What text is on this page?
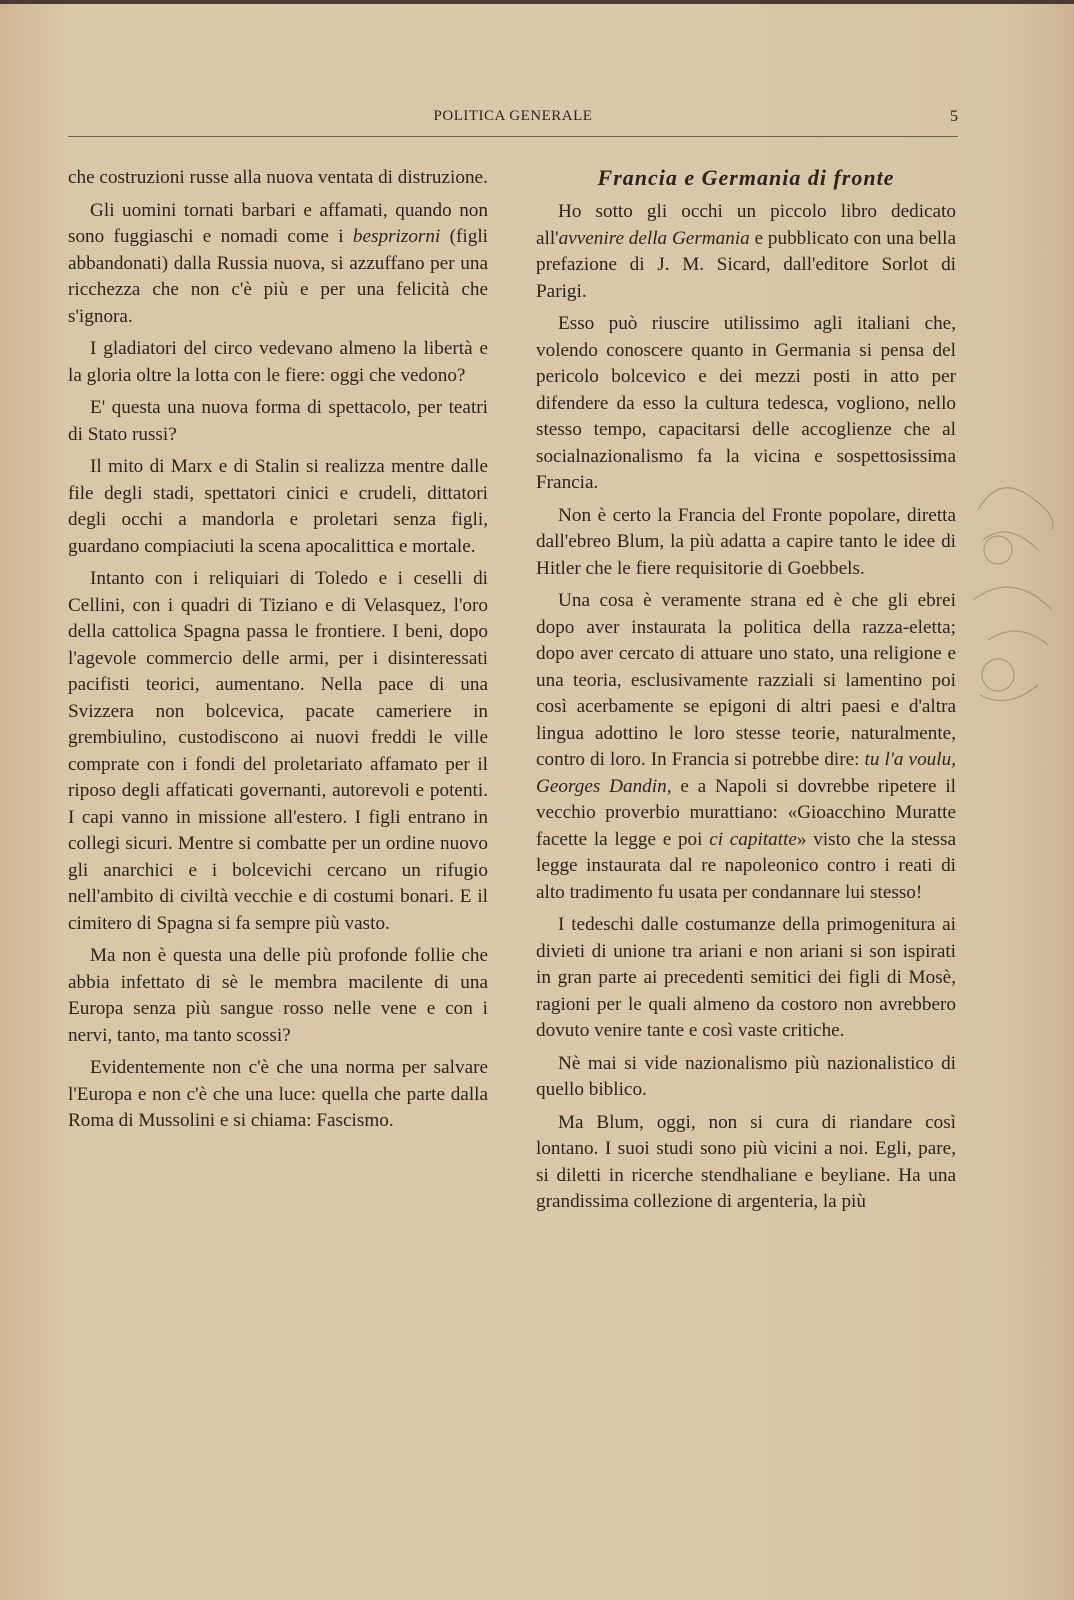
POLITICA GENERALE	5

che costruzioni russe alla nuova ventata di distruzione.

Gli uomini tornati barbari e affamati, quando non sono fuggiaschi e nomadi come i besprizorni (figli abbandonati) dalla Russia nuova, si azzuffano per una ricchezza che non c'è più e per una felicità che s'ignora.

I gladiatori del circo vedevano almeno la libertà e la gloria oltre la lotta con le fiere: oggi che vedono?

E' questa una nuova forma di spettacolo, per teatri di Stato russi?

Il mito di Marx e di Stalin si realizza mentre dalle file degli stadi, spettatori cinici e crudeli, dittatori degli occhi a mandorla e proletari senza figli, guardano compiaciuti la scena apocalittica e mortale.

Intanto con i reliquiari di Toledo e i ceselli di Cellini, con i quadri di Tiziano e di Velasquez, l'oro della cattolica Spagna passa le frontiere. I beni, dopo l'agevole commercio delle armi, per i disinteressati pacifisti teorici, aumentano. Nella pace di una Svizzera non bolcevica, pacate cameriere in grembiulino, custodiscono ai nuovi freddi le ville comprate con i fondi del proletariato affamato per il riposo degli affaticati governanti, autorevoli e potenti. I capi vanno in missione all'estero. I figli entrano in collegi sicuri. Mentre si combatte per un ordine nuovo gli anarchici e i bolcevichi cercano un rifugio nell'ambito di civiltà vecchie e di costumi bonari. E il cimitero di Spagna si fa sempre più vasto.

Ma non è questa una delle più profonde follie che abbia infettato di sè le membra macilente di una Europa senza più sangue rosso nelle vene e con i nervi, tanto, ma tanto scossi?

Evidentemente non c'è che una norma per salvare l'Europa e non c'è che una luce: quella che parte dalla Roma di Mussolini e si chiama: Fascismo.

Francia e Germania di fronte

Ho sotto gli occhi un piccolo libro dedicato all'avvenire della Germania e pubblicato con una bella prefazione di J. M. Sicard, dall'editore Sorlot di Parigi.

Esso può riuscire utilissimo agli italiani che, volendo conoscere quanto in Germania si pensa del pericolo bolcevico e dei mezzi posti in atto per difendere da esso la cultura tedesca, vogliono, nello stesso tempo, capacitarsi delle accoglienze che al socialnazionalismo fa la vicina e sospettosissima Francia.

Non è certo la Francia del Fronte popolare, diretta dall'ebreo Blum, la più adatta a capire tanto le idee di Hitler che le fiere requisitorie di Goebbels.

Una cosa è veramente strana ed è che gli ebrei dopo aver instaurata la politica della razza-eletta; dopo aver cercato di attuare uno stato, una religione e una teoria, esclusivamente razziali si lamentino poi così acerbamente se epigoni di altri paesi e d'altra lingua adottino le loro stesse teorie, naturalmente, contro di loro. In Francia si potrebbe dire: tu l'a voulu, Georges Dandin, e a Napoli si dovrebbe ripetere il vecchio proverbio murattiano: «Gioacchino Muratte facette la legge e poi ci capitatte» visto che la stessa legge instaurata dal re napoleonico contro i reati di alto tradimento fu usata per condannare lui stesso!

I tedeschi dalle costumanze della primogenitura ai divieti di unione tra ariani e non ariani si son ispirati in gran parte ai precedenti semitici dei figli di Mosè, ragioni per le quali almeno da costoro non avrebbero dovuto venire tante e così vaste critiche.

Nè mai si vide nazionalismo più nazionalistico di quello biblico.

Ma Blum, oggi, non si cura di riandare così lontano. I suoi studi sono più vicini a noi. Egli, pare, si diletti in ricerche stendhaliane e beyliane. Ha una grandissima collezione di argenteria, la più
